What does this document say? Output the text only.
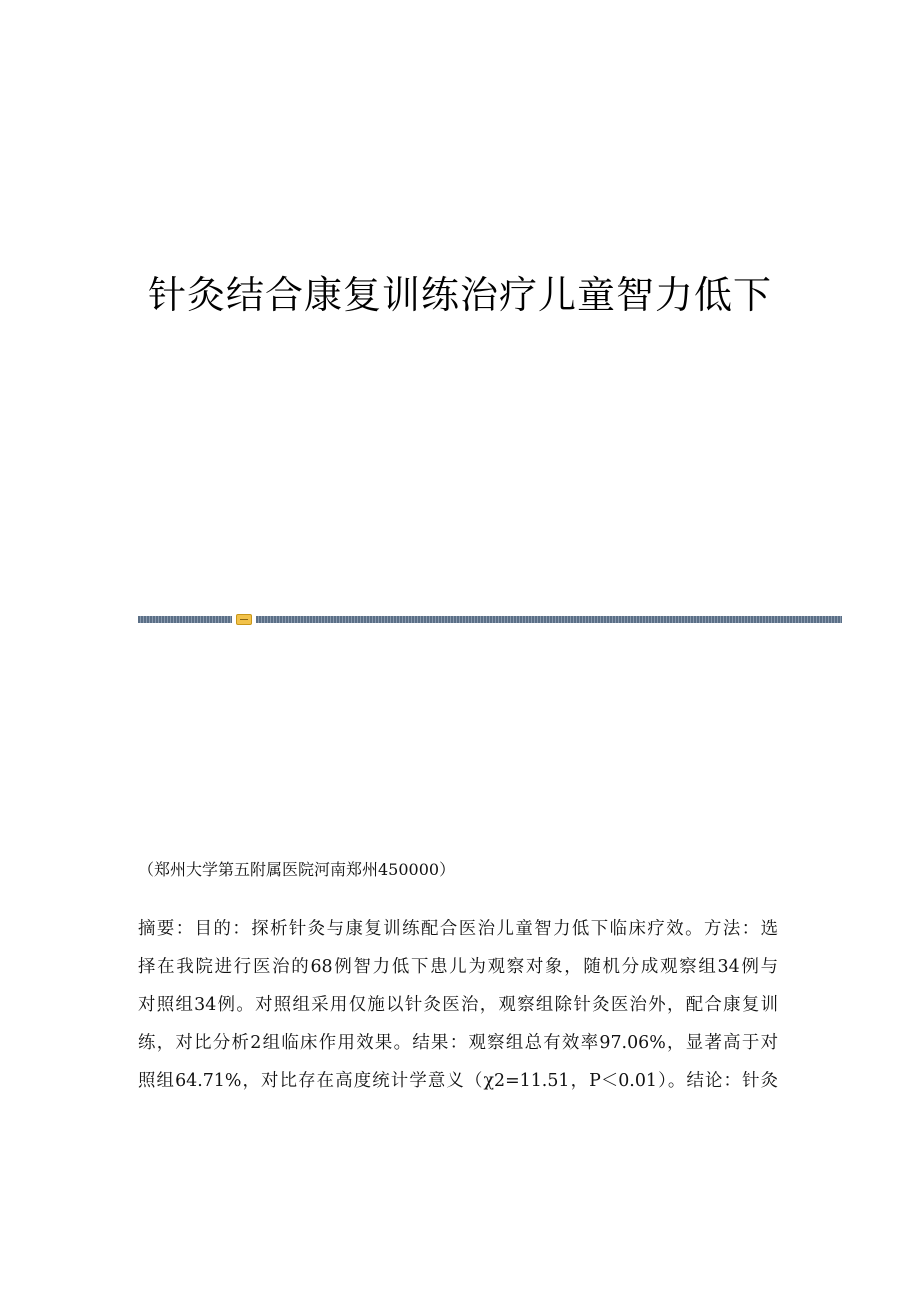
针灸结合康复训练治疗儿童智力低下
（郑州大学第五附属医院河南郑州450000）

摘要：目的：探析针灸与康复训练配合医治儿童智力低下临床疗效。方法：选
择在我院进行医治的68例智力低下患儿为观察对象，随机分成观察组34例与
对照组34例。对照组采用仅施以针灸医治，观察组除针灸医治外，配合康复训
练，对比分析2组临床作用效果。结果：观察组总有效率97.06%，显著高于对
照组64.71%，对比存在高度统计学意义（χ2=11.51，P＜0.01）。结论：针灸
